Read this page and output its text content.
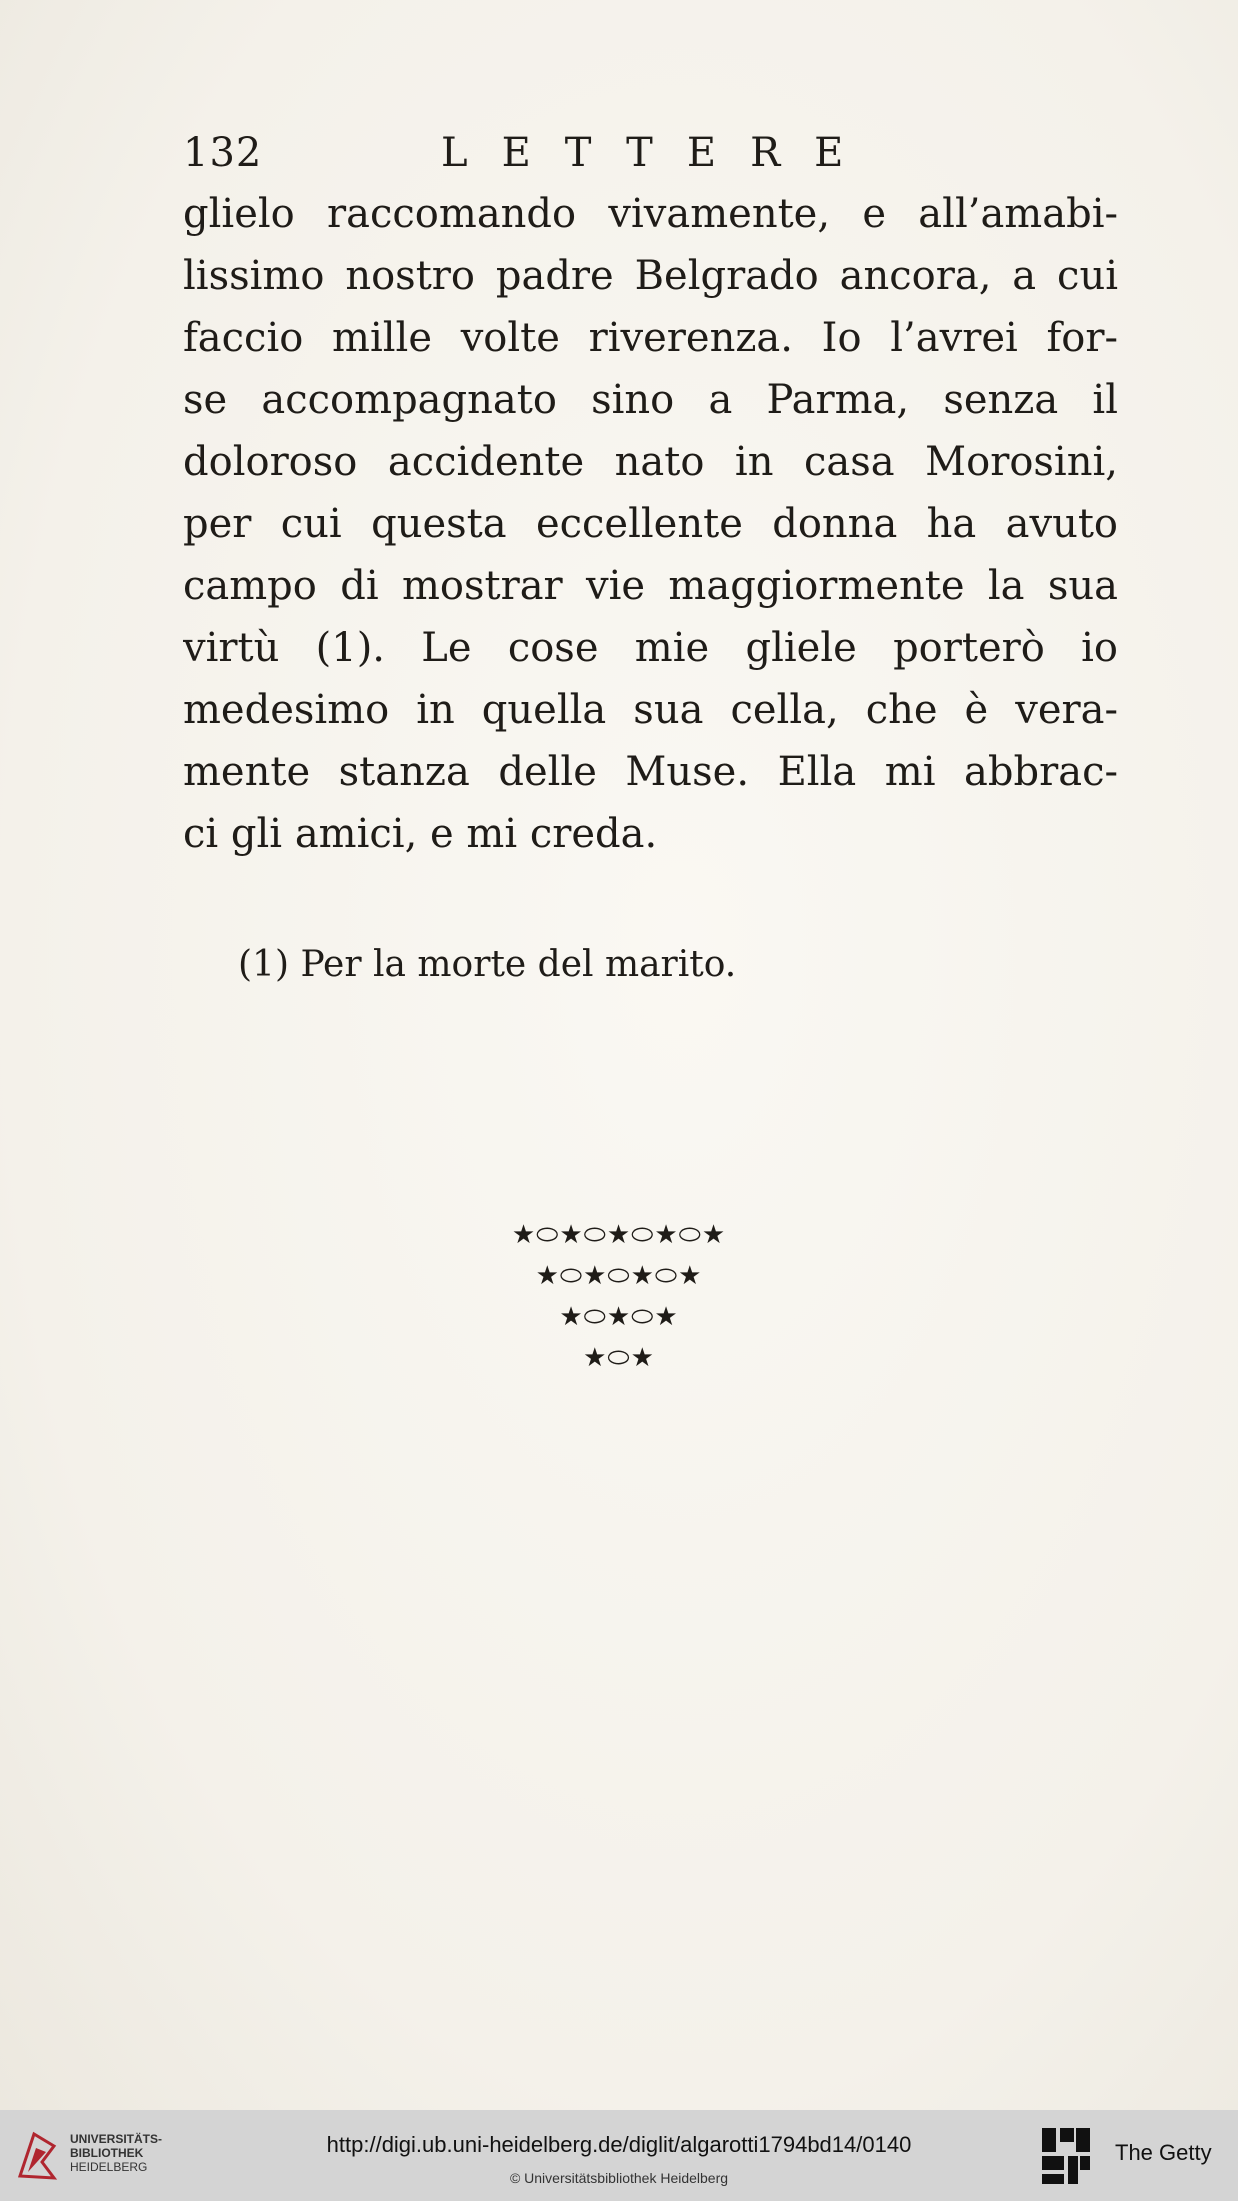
132	LETTERE
glielo raccomando vivamente, e all’amabi-
lissimo nostro padre Belgrado ancora, a cui
faccio mille volte riverenza. Io l’avrei for-
se accompagnato sino a Parma, senza il
doloroso accidente nato in casa Morosini,
per cui questa eccellente donna ha avuto
campo di mostrar vie maggiormente la sua
virtù (1). Le cose mie gliele porterò io
medesimo in quella sua cella, che è vera-
mente stanza delle Muse. Ella mi abbrac-
ci gli amici, e mi creda.
(1) Per la morte del marito.
★⬭★⬭★⬭★⬭★
★⬭★⬭★⬭★
★⬭★⬭★
★⬭★
UNIVERSITÄTS-
BIBLIOTHEK
HEIDELBERG
http://digi.ub.uni-heidelberg.de/diglit/algarotti1794bd14/0140
© Universitätsbibliothek Heidelberg
The Getty
